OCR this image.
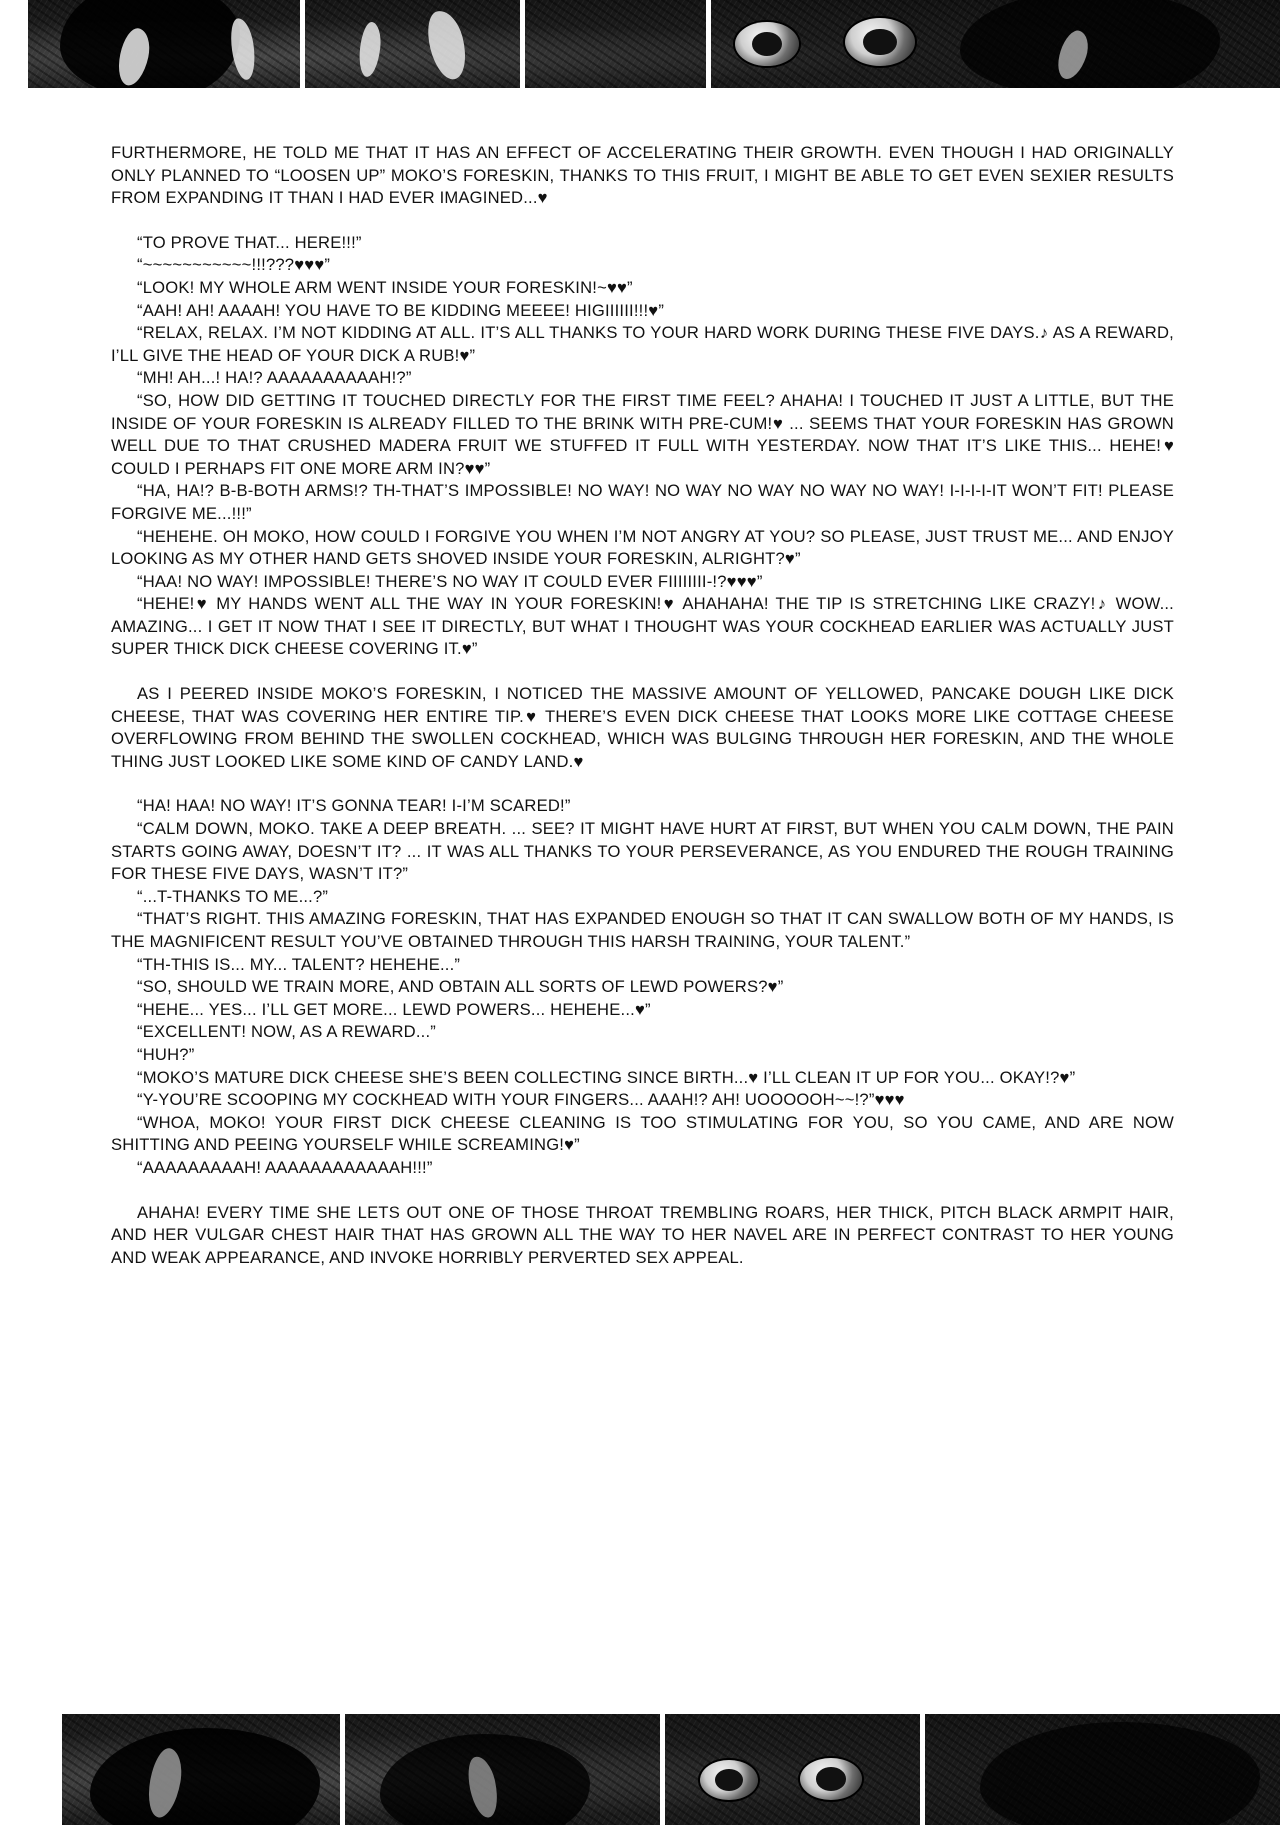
FURTHERMORE, HE TOLD ME THAT IT HAS AN EFFECT OF ACCELERATING THEIR GROWTH. EVEN THOUGH I HAD ORIGINALLY ONLY PLANNED TO “LOOSEN UP” MOKO’S FORESKIN, THANKS TO THIS FRUIT, I MIGHT BE ABLE TO GET EVEN SEXIER RESULTS FROM EXPANDING IT THAN I HAD EVER IMAGINED...♥

“TO PROVE THAT... HERE!!!”

“~~~~~~~~~~~!!!???♥♥♥”

“LOOK! MY WHOLE ARM WENT INSIDE YOUR FORESKIN!~♥♥”

“AAH! AH! AAAAH! YOU HAVE TO BE KIDDING MEEEE! HIGIIIIII!!!♥”

“RELAX, RELAX. I’M NOT KIDDING AT ALL. IT’S ALL THANKS TO YOUR HARD WORK DURING THESE FIVE DAYS.♪ AS A REWARD, I’LL GIVE THE HEAD OF YOUR DICK A RUB!♥”

“MH! AH...! HA!? AAAAAAAAAAH!?”

“SO, HOW DID GETTING IT TOUCHED DIRECTLY FOR THE FIRST TIME FEEL? AHAHA! I TOUCHED IT JUST A LITTLE, BUT THE INSIDE OF YOUR FORESKIN IS ALREADY FILLED TO THE BRINK WITH PRE-CUM!♥ ... SEEMS THAT YOUR FORESKIN HAS GROWN WELL DUE TO THAT CRUSHED MADERA FRUIT WE STUFFED IT FULL WITH YESTERDAY. NOW THAT IT’S LIKE THIS... HEHE!♥ COULD I PERHAPS FIT ONE MORE ARM IN?♥♥”

“HA, HA!? B-B-BOTH ARMS!? TH-THAT’S IMPOSSIBLE! NO WAY! NO WAY NO WAY NO WAY NO WAY! I-I-I-I-IT WON’T FIT! PLEASE FORGIVE ME...!!!”

“HEHEHE. OH MOKO, HOW COULD I FORGIVE YOU WHEN I’M NOT ANGRY AT YOU? SO PLEASE, JUST TRUST ME... AND ENJOY LOOKING AS MY OTHER HAND GETS SHOVED INSIDE YOUR FORESKIN, ALRIGHT?♥”

“HAA! NO WAY! IMPOSSIBLE! THERE’S NO WAY IT COULD EVER FIIIIIIII-!?♥♥♥”

“HEHE!♥ MY HANDS WENT ALL THE WAY IN YOUR FORESKIN!♥ AHAHAHA! THE TIP IS STRETCHING LIKE CRAZY!♪ WOW... AMAZING... I GET IT NOW THAT I SEE IT DIRECTLY, BUT WHAT I THOUGHT WAS YOUR COCKHEAD EARLIER WAS ACTUALLY JUST SUPER THICK DICK CHEESE COVERING IT.♥”

AS I PEERED INSIDE MOKO’S FORESKIN, I NOTICED THE MASSIVE AMOUNT OF YELLOWED, PANCAKE DOUGH LIKE DICK CHEESE, THAT WAS COVERING HER ENTIRE TIP.♥ THERE’S EVEN DICK CHEESE THAT LOOKS MORE LIKE COTTAGE CHEESE OVERFLOWING FROM BEHIND THE SWOLLEN COCKHEAD, WHICH WAS BULGING THROUGH HER FORESKIN, AND THE WHOLE THING JUST LOOKED LIKE SOME KIND OF CANDY LAND.♥

“HA! HAA! NO WAY! IT’S GONNA TEAR! I-I’M SCARED!”

“CALM DOWN, MOKO. TAKE A DEEP BREATH. ... SEE? IT MIGHT HAVE HURT AT FIRST, BUT WHEN YOU CALM DOWN, THE PAIN STARTS GOING AWAY, DOESN’T IT? ... IT WAS ALL THANKS TO YOUR PERSEVERANCE, AS YOU ENDURED THE ROUGH TRAINING FOR THESE FIVE DAYS, WASN’T IT?”

“...T-THANKS TO ME...?”

“THAT’S RIGHT. THIS AMAZING FORESKIN, THAT HAS EXPANDED ENOUGH SO THAT IT CAN SWALLOW BOTH OF MY HANDS, IS THE MAGNIFICENT RESULT YOU’VE OBTAINED THROUGH THIS HARSH TRAINING, YOUR TALENT.”

“TH-THIS IS... MY... TALENT? HEHEHE...”

“SO, SHOULD WE TRAIN MORE, AND OBTAIN ALL SORTS OF LEWD POWERS?♥”

“HEHE... YES... I’LL GET MORE... LEWD POWERS... HEHEHE...♥”

“EXCELLENT! NOW, AS A REWARD...”

“HUH?”

“MOKO’S MATURE DICK CHEESE SHE’S BEEN COLLECTING SINCE BIRTH...♥ I’LL CLEAN IT UP FOR YOU... OKAY!?♥”

“Y-YOU’RE SCOOPING MY COCKHEAD WITH YOUR FINGERS... AAAH!? AH! UOOOOOH~~!?”♥♥♥

“WHOA, MOKO! YOUR FIRST DICK CHEESE CLEANING IS TOO STIMULATING FOR YOU, SO YOU CAME, AND ARE NOW SHITTING AND PEEING YOURSELF WHILE SCREAMING!♥”

“AAAAAAAAAH! AAAAAAAAAAAAH!!!”

AHAHA! EVERY TIME SHE LETS OUT ONE OF THOSE THROAT TREMBLING ROARS, HER THICK, PITCH BLACK ARMPIT HAIR, AND HER VULGAR CHEST HAIR THAT HAS GROWN ALL THE WAY TO HER NAVEL ARE IN PERFECT CONTRAST TO HER YOUNG AND WEAK APPEARANCE, AND INVOKE HORRIBLY PERVERTED SEX APPEAL.
